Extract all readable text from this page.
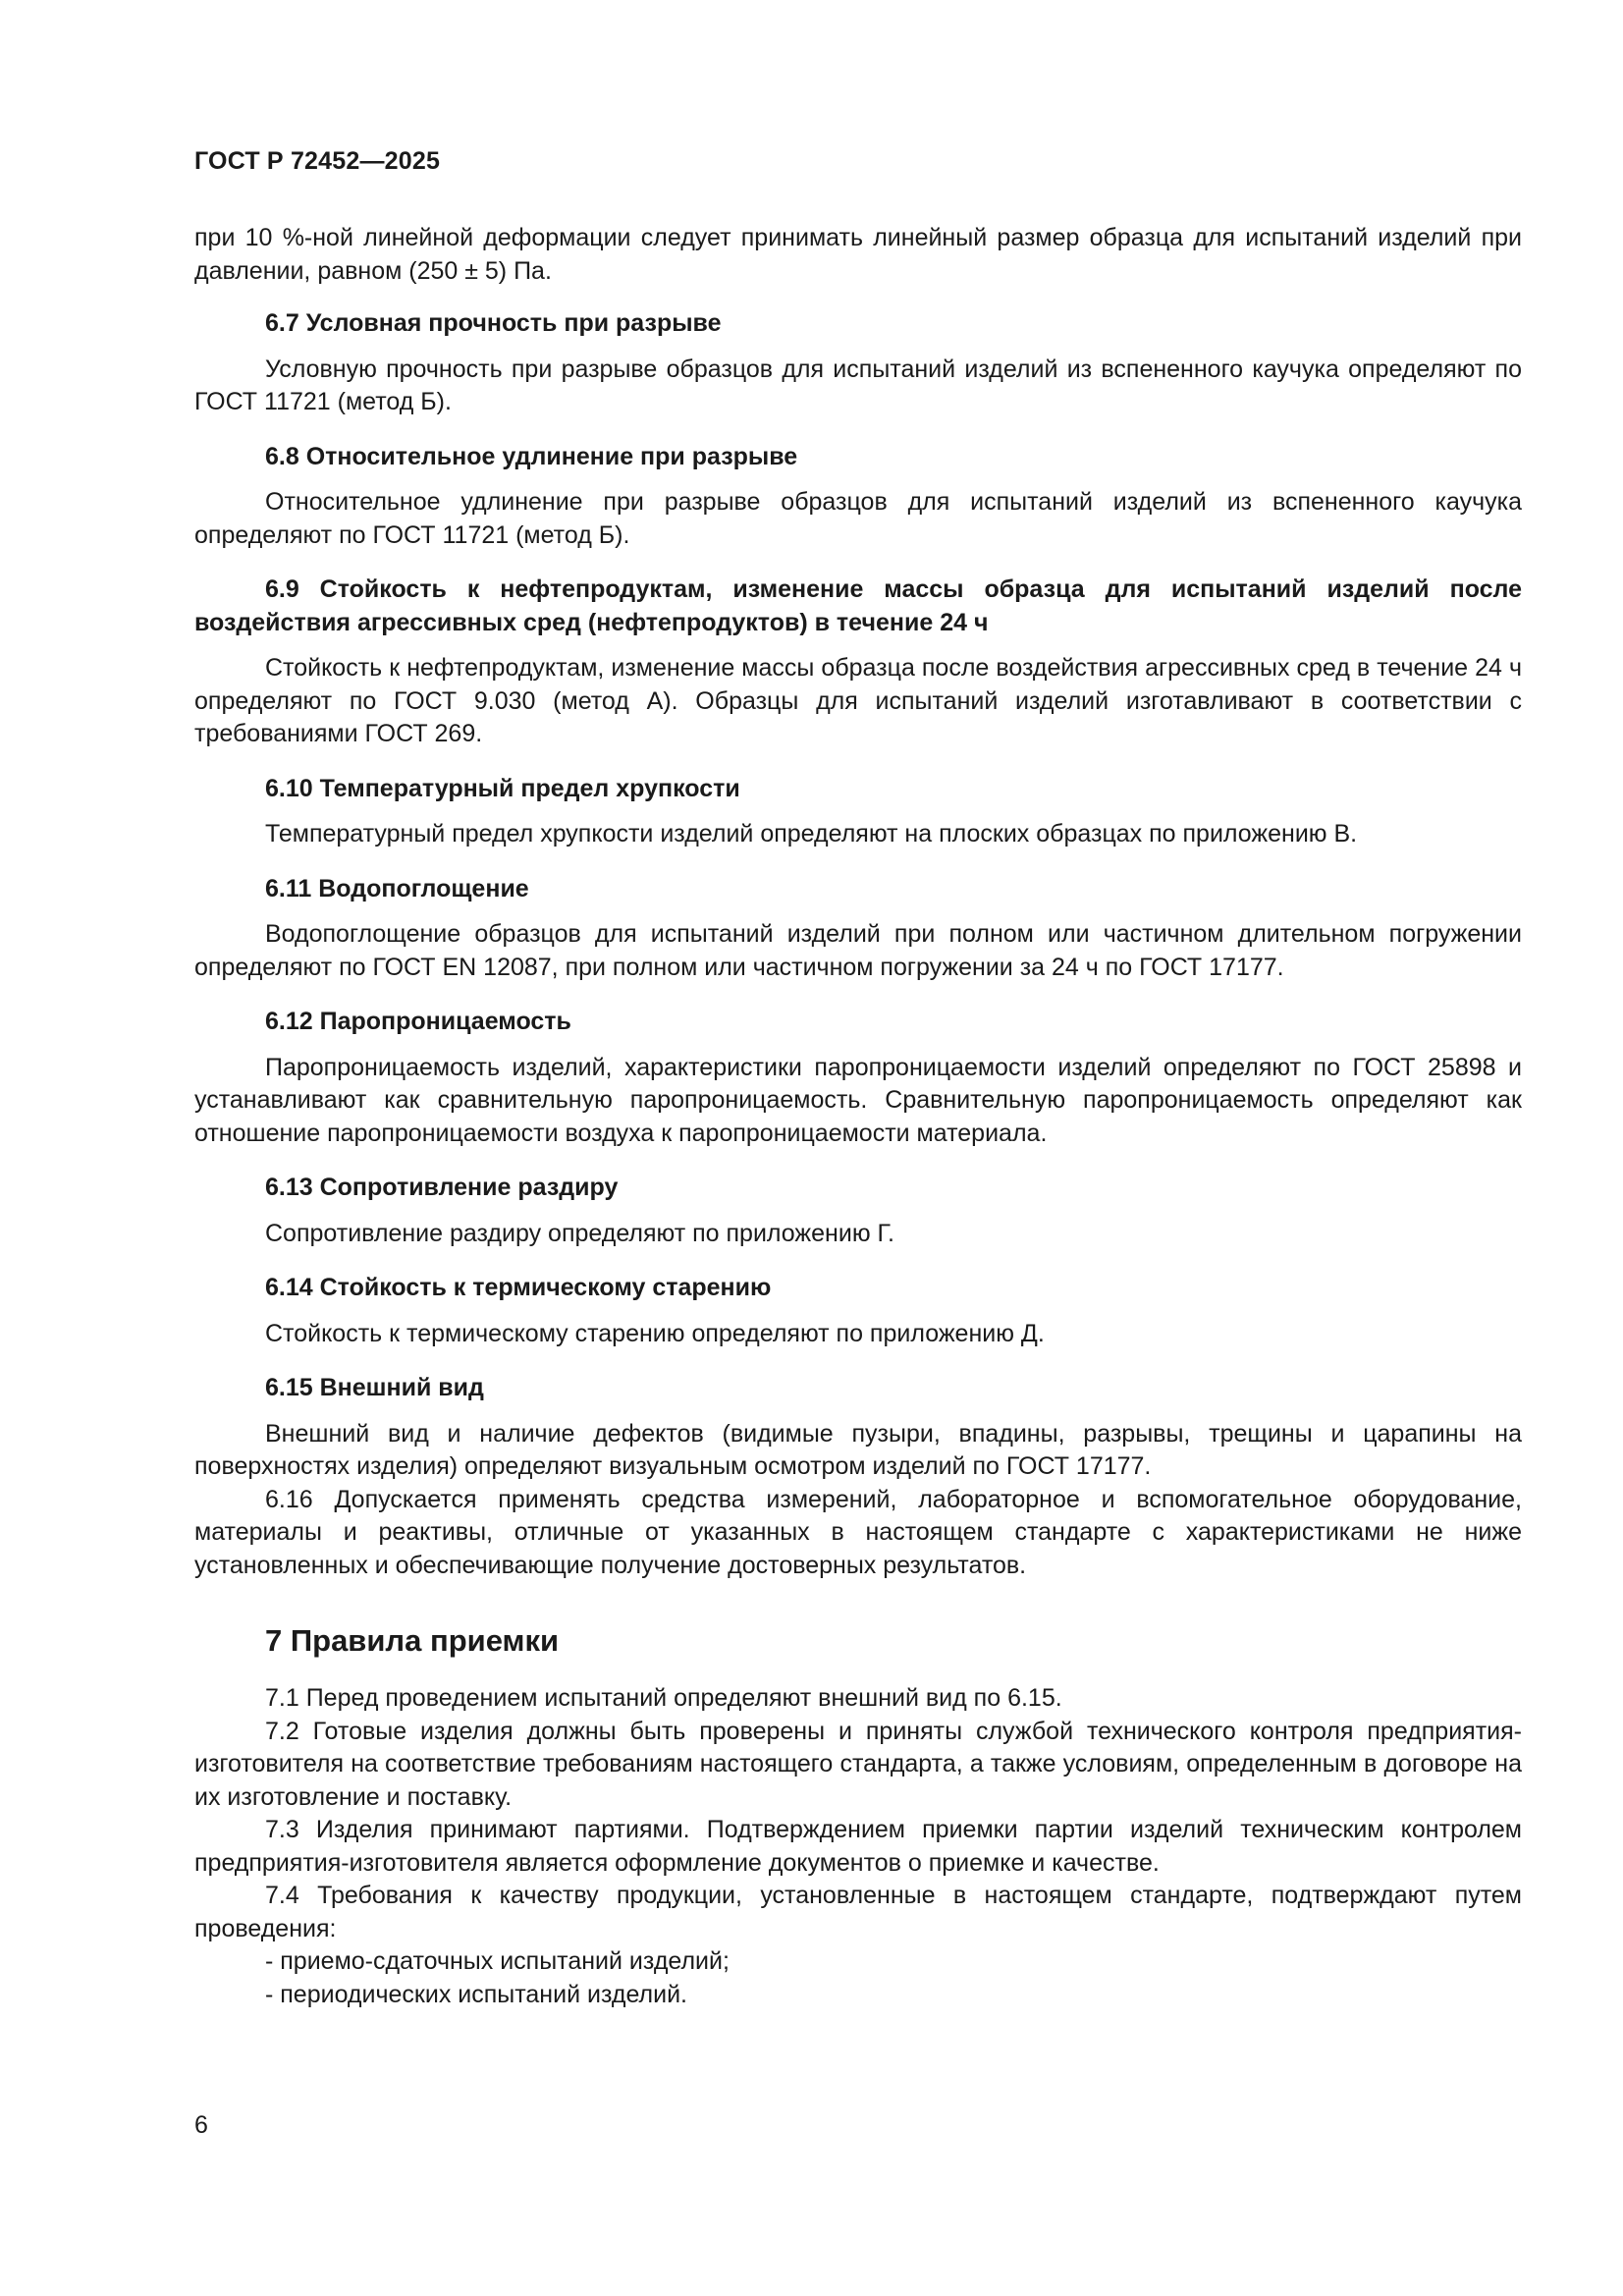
ГОСТ Р 72452—2025

при 10 %-ной линейной деформации следует принимать линейный размер образца для испытаний изделий при давлении, равном (250 ± 5) Па.

6.7 Условная прочность при разрыве

Условную прочность при разрыве образцов для испытаний изделий из вспененного каучука определяют по ГОСТ 11721 (метод Б).

6.8 Относительное удлинение при разрыве

Относительное удлинение при разрыве образцов для испытаний изделий из вспененного каучука определяют по ГОСТ 11721 (метод Б).

6.9 Стойкость к нефтепродуктам, изменение массы образца для испытаний изделий после воздействия агрессивных сред (нефтепродуктов) в течение 24 ч

Стойкость к нефтепродуктам, изменение массы образца после воздействия агрессивных сред в течение 24 ч определяют по ГОСТ 9.030 (метод А). Образцы для испытаний изделий изготавливают в соответствии с требованиями ГОСТ 269.

6.10 Температурный предел хрупкости

Температурный предел хрупкости изделий определяют на плоских образцах по приложению В.

6.11 Водопоглощение

Водопоглощение образцов для испытаний изделий при полном или частичном длительном погружении определяют по ГОСТ EN 12087, при полном или частичном погружении за 24 ч по ГОСТ 17177.

6.12 Паропроницаемость

Паропроницаемость изделий, характеристики паропроницаемости изделий определяют по ГОСТ 25898 и устанавливают как сравнительную паропроницаемость. Сравнительную паропроницаемость определяют как отношение паропроницаемости воздуха к паропроницаемости материала.

6.13 Сопротивление раздиру

Сопротивление раздиру определяют по приложению Г.

6.14 Стойкость к термическому старению

Стойкость к термическому старению определяют по приложению Д.

6.15 Внешний вид

Внешний вид и наличие дефектов (видимые пузыри, впадины, разрывы, трещины и царапины на поверхностях изделия) определяют визуальным осмотром изделий по ГОСТ 17177.

6.16 Допускается применять средства измерений, лабораторное и вспомогательное оборудование, материалы и реактивы, отличные от указанных в настоящем стандарте с характеристиками не ниже установленных и обеспечивающие получение достоверных результатов.

7 Правила приемки

7.1 Перед проведением испытаний определяют внешний вид по 6.15.

7.2 Готовые изделия должны быть проверены и приняты службой технического контроля предприятия-изготовителя на соответствие требованиям настоящего стандарта, а также условиям, определенным в договоре на их изготовление и поставку.

7.3 Изделия принимают партиями. Подтверждением приемки партии изделий техническим контролем предприятия-изготовителя является оформление документов о приемке и качестве.

7.4 Требования к качеству продукции, установленные в настоящем стандарте, подтверждают путем проведения:

- приемо-сдаточных испытаний изделий;

- периодических испытаний изделий.

6
